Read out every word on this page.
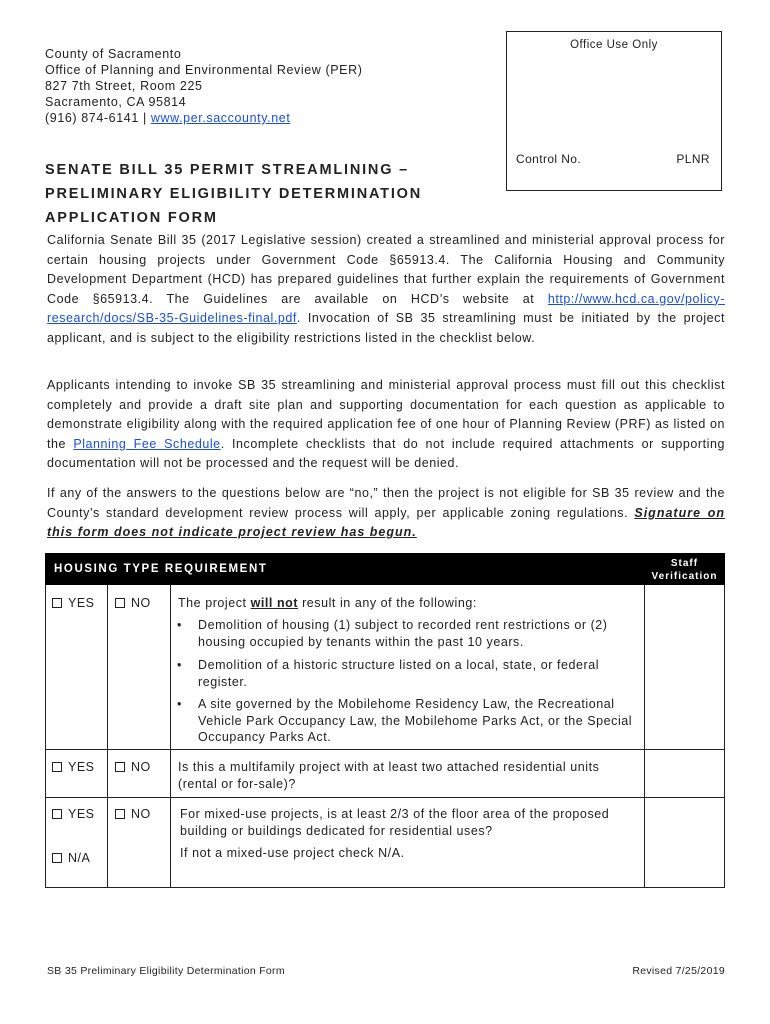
County of Sacramento
Office of Planning and Environmental Review (PER)
827 7th Street, Room 225
Sacramento, CA 95814
(916) 874-6141 | www.per.saccounty.net
Office Use Only
Control No.	PLNR
SENATE BILL 35 PERMIT STREAMLINING –
PRELIMINARY ELIGIBILITY DETERMINATION
APPLICATION FORM
California Senate Bill 35 (2017 Legislative session) created a streamlined and ministerial approval process for certain housing projects under Government Code §65913.4. The California Housing and Community Development Department (HCD) has prepared guidelines that further explain the requirements of Government Code §65913.4. The Guidelines are available on HCD’s website at http://www.hcd.ca.gov/policy-research/docs/SB-35-Guidelines-final.pdf. Invocation of SB 35 streamlining must be initiated by the project applicant, and is subject to the eligibility restrictions listed in the checklist below.
Applicants intending to invoke SB 35 streamlining and ministerial approval process must fill out this checklist completely and provide a draft site plan and supporting documentation for each question as applicable to demonstrate eligibility along with the required application fee of one hour of Planning Review (PRF) as listed on the Planning Fee Schedule. Incomplete checklists that do not include required attachments or supporting documentation will not be processed and the request will be denied.
If any of the answers to the questions below are “no,” then the project is not eligible for SB 35 review and the County’s standard development review process will apply, per applicable zoning regulations. Signature on this form does not indicate project review has begun.
HOUSING TYPE REQUIREMENT	Staff
Verification
YES	NO The project will not result in any of the following:
• Demolition of housing (1) subject to recorded rent restrictions or (2) housing occupied by tenants within the past 10 years.
• Demolition of a historic structure listed on a local, state, or federal register.
• A site governed by the Mobilehome Residency Law, the Recreational Vehicle Park Occupancy Law, the Mobilehome Parks Act, or the Special Occupancy Parks Act.
YES	NO Is this a multifamily project with at least two attached residential units (rental or for-sale)?
YES	NO
N/A
For mixed-use projects, is at least 2/3 of the floor area of the proposed building or buildings dedicated for residential uses?
If not a mixed-use project check N/A.
SB 35 Preliminary Eligibility Determination Form	Revised 7/25/2019
